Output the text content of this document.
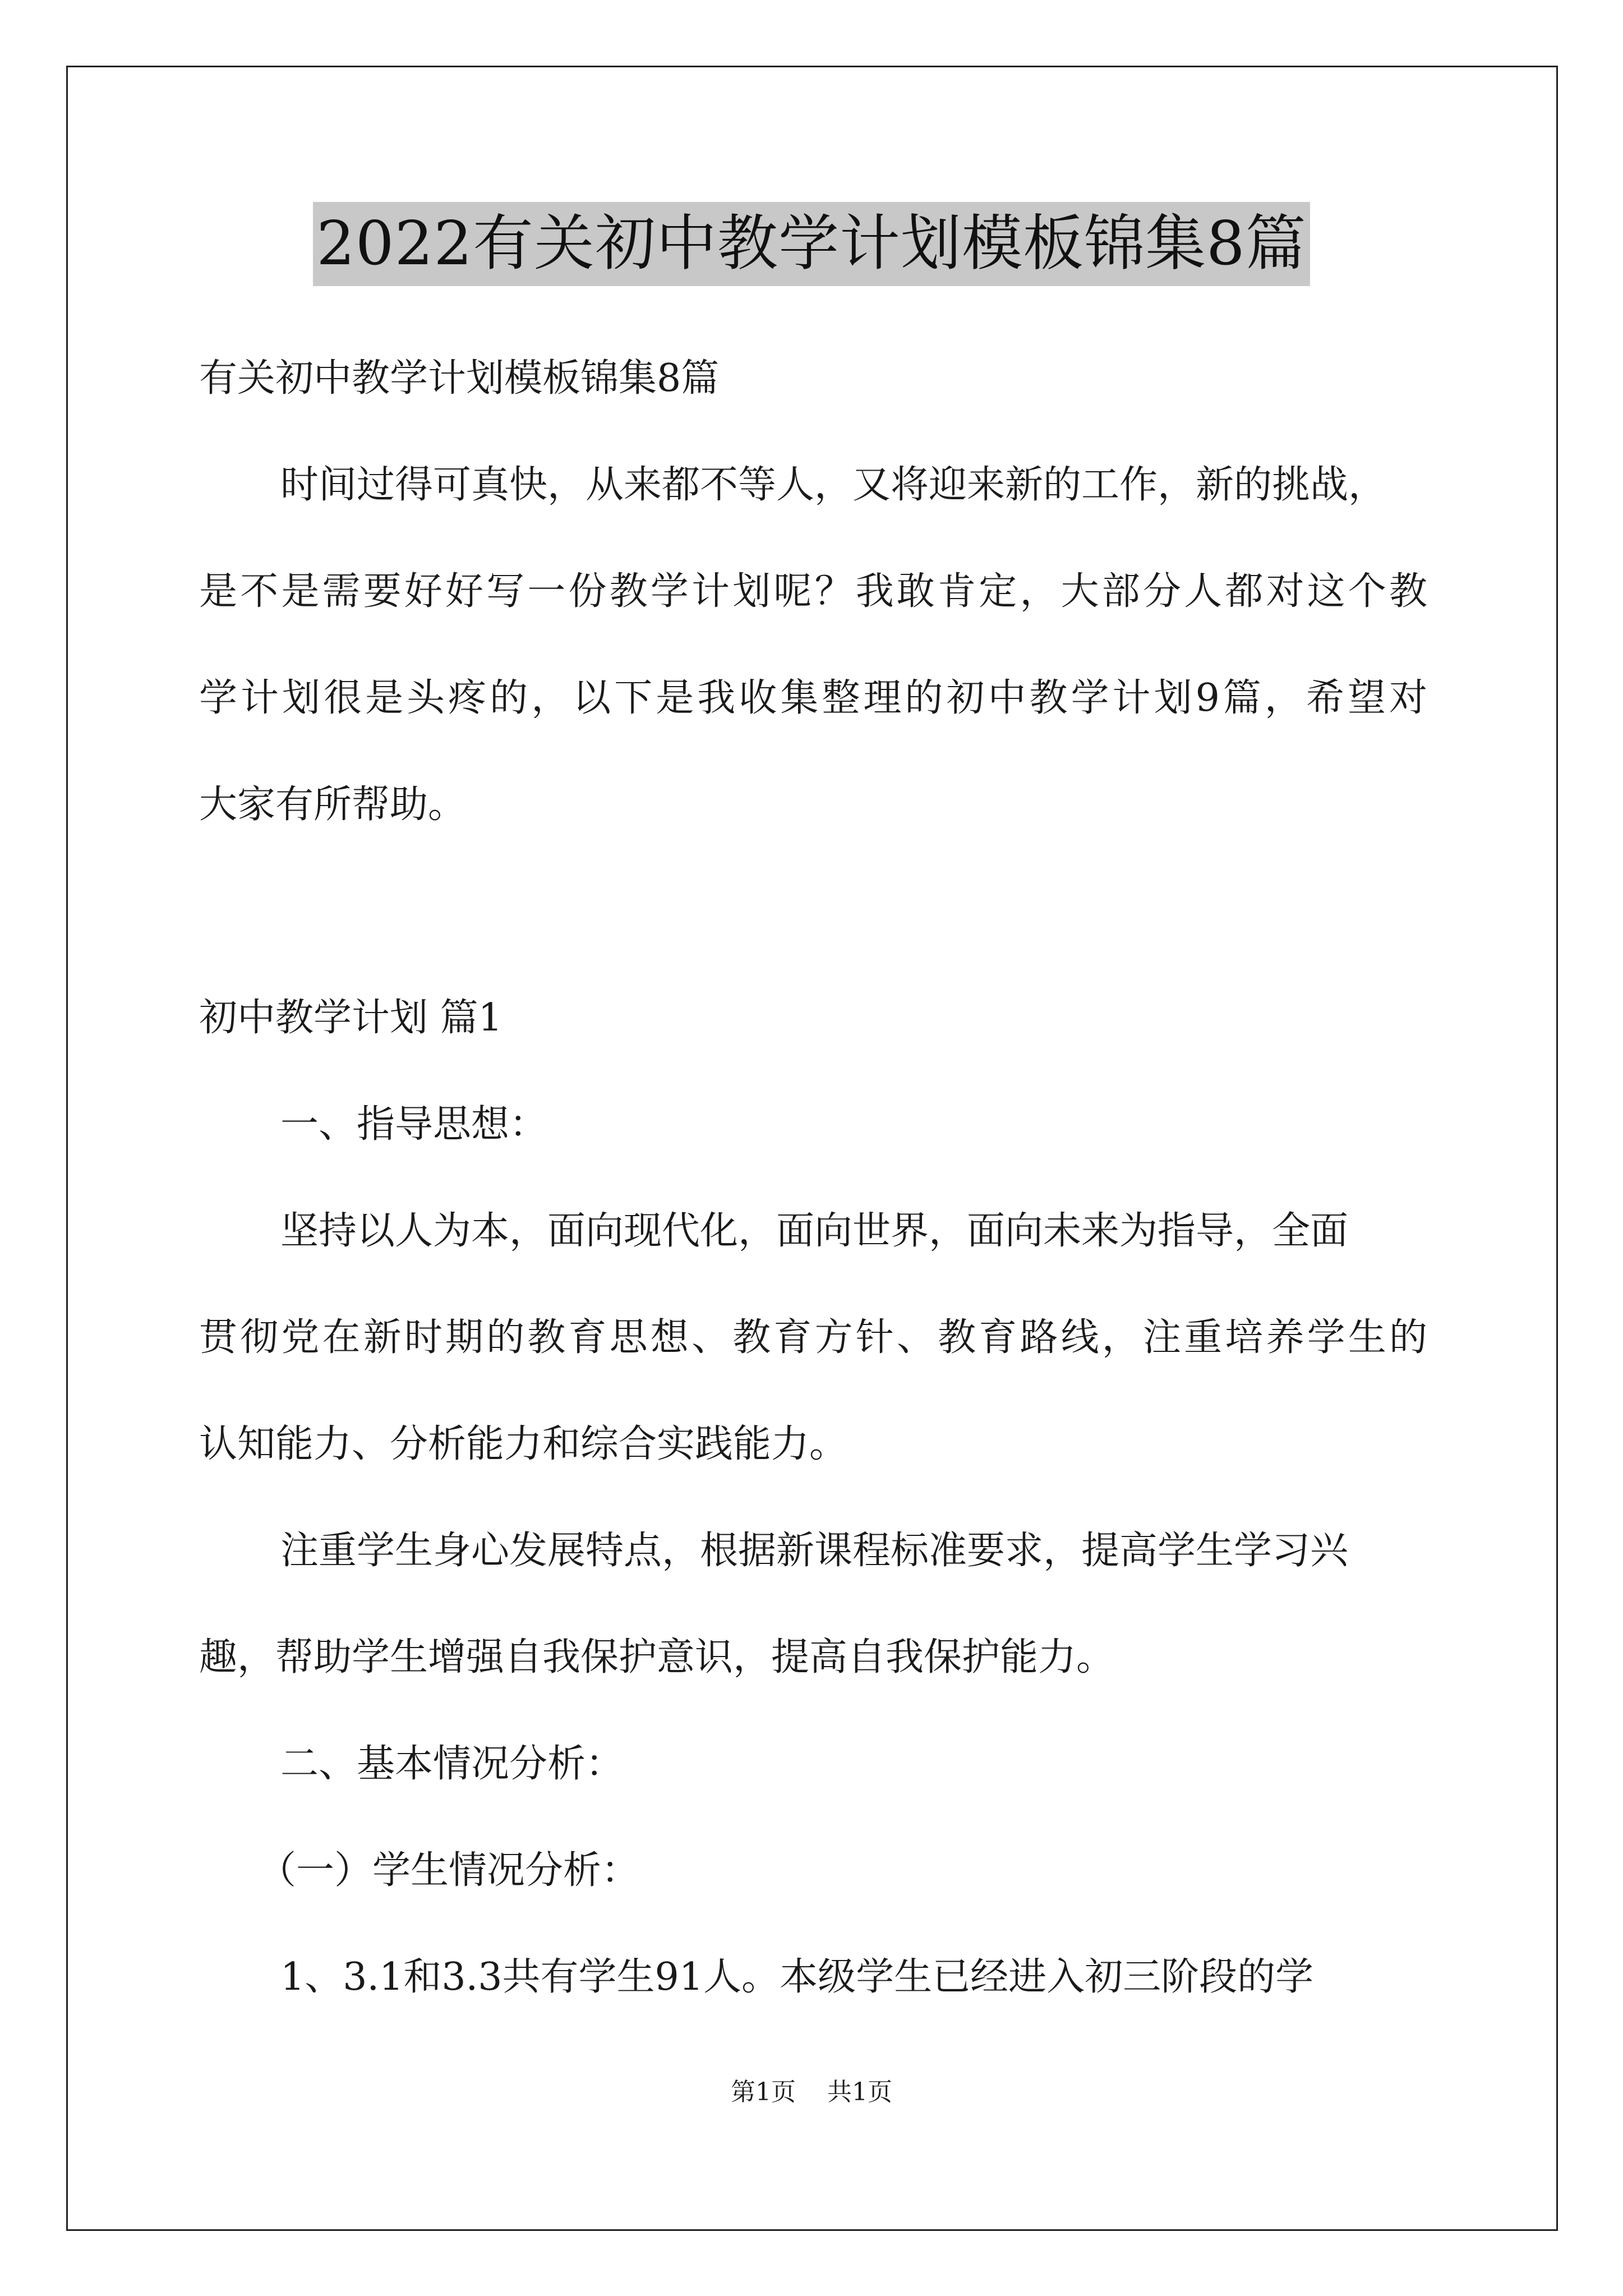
2022有关初中教学计划模板锦集8篇
有关初中教学计划模板锦集8篇
时间过得可真快，从来都不等人，又将迎来新的工作，新的挑战，
是不是需要好好写一份教学计划呢？我敢肯定，大部分人都对这个教
学计划很是头疼的，以下是我收集整理的初中教学计划9篇，希望对
大家有所帮助。
初中教学计划 篇1
一、指导思想：
坚持以人为本，面向现代化，面向世界，面向未来为指导，全面
贯彻党在新时期的教育思想、教育方针、教育路线，注重培养学生的
认知能力、分析能力和综合实践能力。
注重学生身心发展特点，根据新课程标准要求，提高学生学习兴
趣，帮助学生增强自我保护意识，提高自我保护能力。
二、基本情况分析：
（一）学生情况分析：
1、3.1和3.3共有学生91人。本级学生已经进入初三阶段的学
第1页    共1页
